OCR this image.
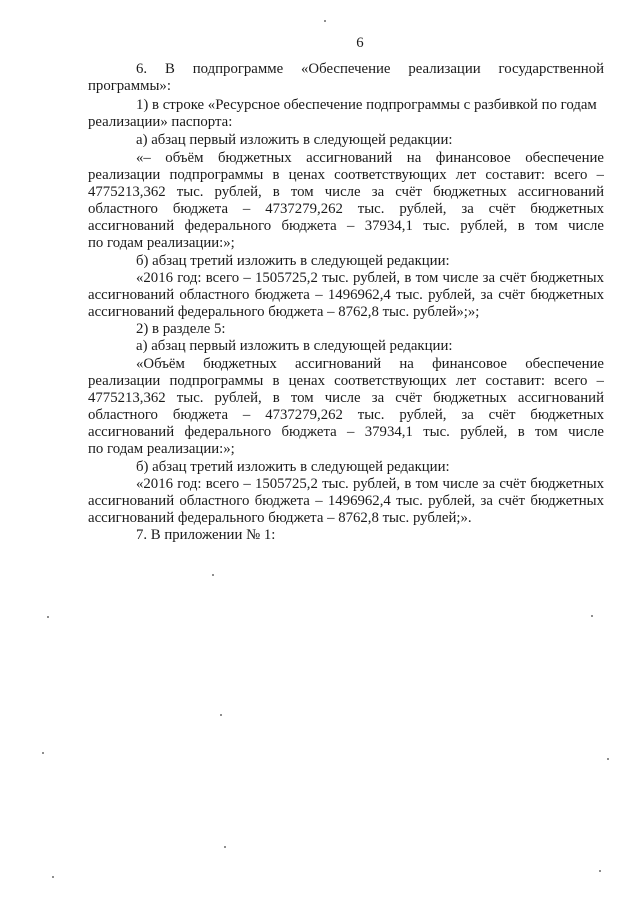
6
6. В подпрограмме «Обеспечение реализации государственной
программы»:
1) в строке «Ресурсное обеспечение подпрограммы с разбивкой по годам
реализации» паспорта:
а) абзац первый изложить в следующей редакции:
«– объём бюджетных ассигнований на финансовое обеспечение
реализации подпрограммы в ценах соответствующих лет составит: всего –
4775213,362 тыс. рублей, в том числе за счёт бюджетных ассигнований
областного бюджета – 4737279,262 тыс. рублей, за счёт бюджетных
ассигнований федерального бюджета – 37934,1 тыс. рублей, в том числе
по годам реализации:»;
б) абзац третий изложить в следующей редакции:
«2016 год: всего – 1505725,2 тыс. рублей, в том числе за счёт бюджетных
ассигнований областного бюджета – 1496962,4 тыс. рублей, за счёт бюджетных
ассигнований федерального бюджета – 8762,8 тыс. рублей»;»;
2) в разделе 5:
а) абзац первый изложить в следующей редакции:
«Объём бюджетных ассигнований на финансовое обеспечение
реализации подпрограммы в ценах соответствующих лет составит: всего –
4775213,362 тыс. рублей, в том числе за счёт бюджетных ассигнований
областного бюджета – 4737279,262 тыс. рублей, за счёт бюджетных
ассигнований федерального бюджета – 37934,1 тыс. рублей, в том числе
по годам реализации:»;
б) абзац третий изложить в следующей редакции:
«2016 год: всего – 1505725,2 тыс. рублей, в том числе за счёт бюджетных
ассигнований областного бюджета – 1496962,4 тыс. рублей, за счёт бюджетных
ассигнований федерального бюджета – 8762,8 тыс. рублей;».
7. В приложении № 1:
